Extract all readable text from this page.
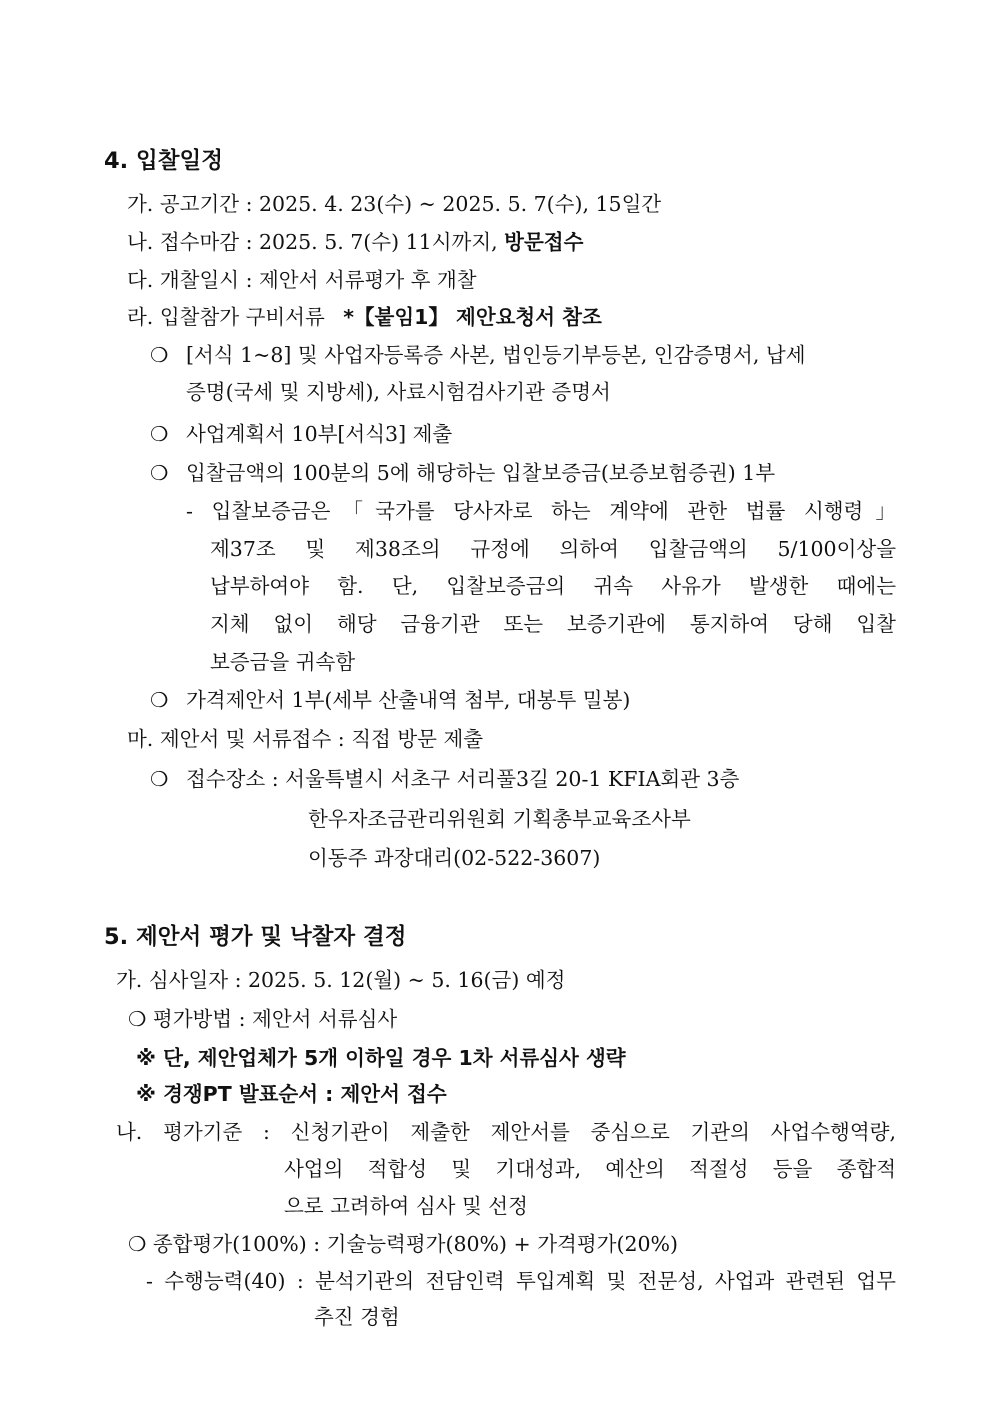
4. 입찰일정
가. 공고기간 : 2025. 4. 23(수) ~ 2025. 5. 7(수), 15일간
나. 접수마감 : 2025. 5. 7(수) 11시까지, 방문접수
다. 개찰일시 : 제안서 서류평가 후 개찰
라. 입찰참가 구비서류 *【붙임1】 제안요청서 참조
❍ [서식 1~8] 및 사업자등록증 사본, 법인등기부등본, 인감증명서, 납세
증명(국세 및 지방세), 사료시험검사기관 증명서
❍ 사업계획서 10부[서식3] 제출
❍ 입찰금액의 100분의 5에 해당하는 입찰보증금(보증보험증권) 1부
- 입찰보증금은「국가를 당사자로 하는 계약에 관한 법률 시행령」
제37조 및 제38조의 규정에 의하여 입찰금액의 5/100이상을
납부하여야 함. 단, 입찰보증금의 귀속 사유가 발생한 때에는
지체 없이 해당 금융기관 또는 보증기관에 통지하여 당해 입찰
보증금을 귀속함
❍ 가격제안서 1부(세부 산출내역 첨부, 대봉투 밀봉)
마. 제안서 및 서류접수 : 직접 방문 제출
❍ 접수장소 : 서울특별시 서초구 서리풀3길 20-1 KFIA회관 3층
한우자조금관리위원회 기획총부교육조사부
이동주 과장대리(02-522-3607)
5. 제안서 평가 및 낙찰자 결정
가. 심사일자 : 2025. 5. 12(월) ~ 5. 16(금) 예정
❍ 평가방법 : 제안서 서류심사
※ 단, 제안업체가 5개 이하일 경우 1차 서류심사 생략
※ 경쟁PT 발표순서 : 제안서 접수
나. 평가기준 : 신청기관이 제출한 제안서를 중심으로 기관의 사업수행역량,
사업의 적합성 및 기대성과, 예산의 적절성 등을 종합적
으로 고려하여 심사 및 선정
❍ 종합평가(100%) : 기술능력평가(80%) + 가격평가(20%)
- 수행능력(40) : 분석기관의 전담인력 투입계획 및 전문성, 사업과 관련된 업무
추진 경험
